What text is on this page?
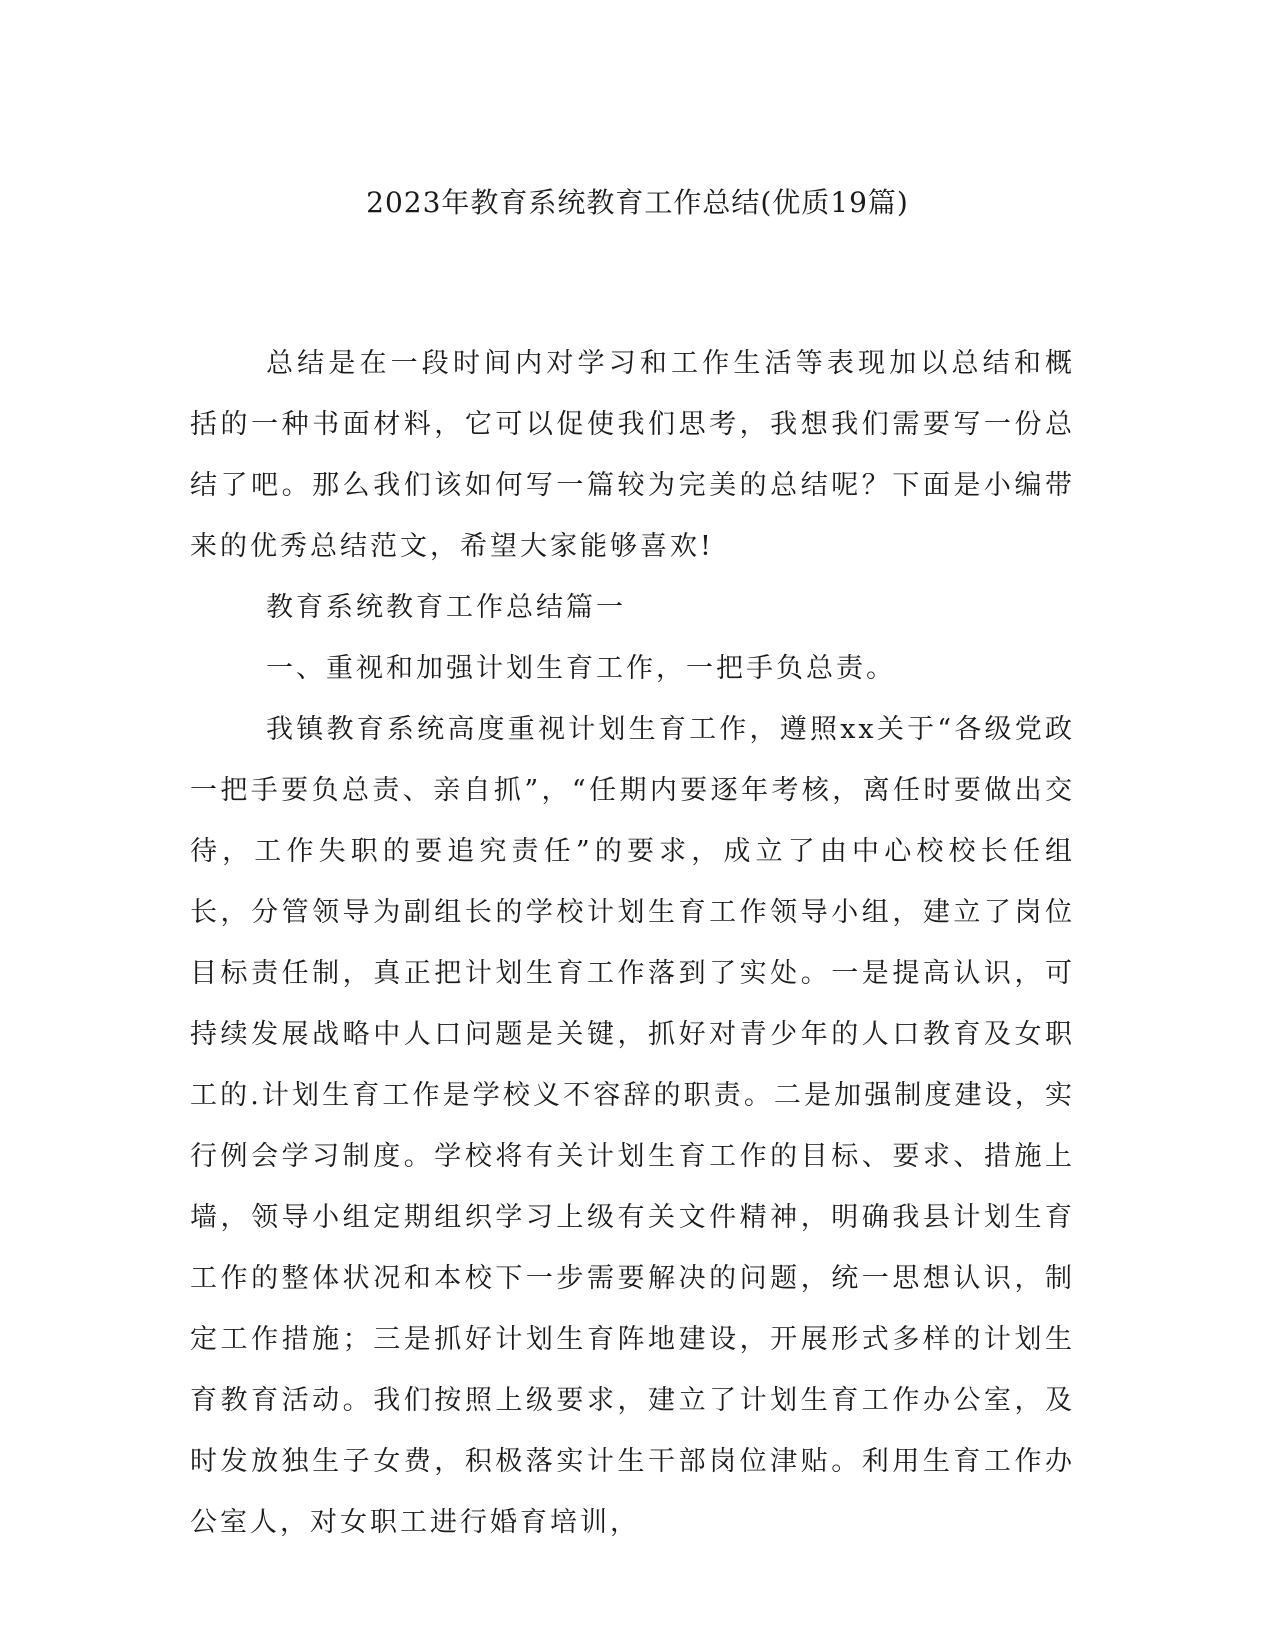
2023年教育系统教育工作总结(优质19篇)

总结是在一段时间内对学习和工作生活等表现加以总结和概括的一种书面材料，它可以促使我们思考，我想我们需要写一份总结了吧。那么我们该如何写一篇较为完美的总结呢？下面是小编带来的优秀总结范文，希望大家能够喜欢!

教育系统教育工作总结篇一

一、重视和加强计划生育工作，一把手负总责。

我镇教育系统高度重视计划生育工作，遵照xx关于“各级党政一把手要负总责、亲自抓”，“任期内要逐年考核，离任时要做出交待，工作失职的要追究责任”的要求，成立了由中心校校长任组长，分管领导为副组长的学校计划生育工作领导小组，建立了岗位目标责任制，真正把计划生育工作落到了实处。一是提高认识，可持续发展战略中人口问题是关键，抓好对青少年的人口教育及女职工的.计划生育工作是学校义不容辞的职责。二是加强制度建设，实行例会学习制度。学校将有关计划生育工作的目标、要求、措施上墙，领导小组定期组织学习上级有关文件精神，明确我县计划生育工作的整体状况和本校下一步需要解决的问题，统一思想认识，制定工作措施；三是抓好计划生育阵地建设，开展形式多样的计划生育教育活动。我们按照上级要求，建立了计划生育工作办公室，及时发放独生子女费，积极落实计生干部岗位津贴。利用生育工作办公室人，对女职工进行婚育培训，
